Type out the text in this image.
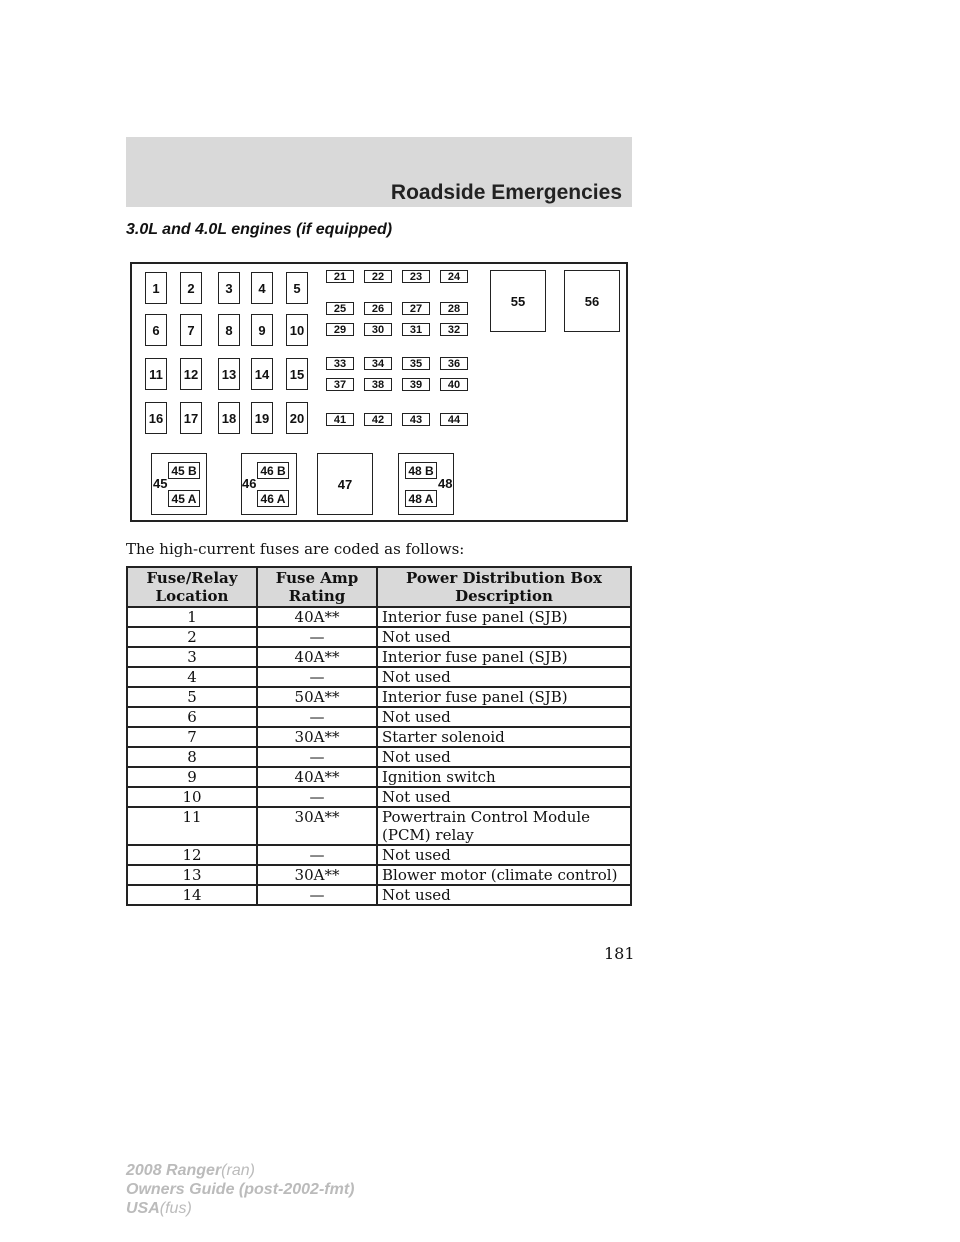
Roadside Emergencies
3.0L and 4.0L engines (if equipped)
1	2	3	4	5
6	7	8	9	10
11	12 13 14 15
16 17 18 19 20
21	22	23	24
25	26	27	28
29	30	31	32
33	34	35	36
37	38	39	40
41	42	43	44
55	56
45 B
45 A
45
46 B
46 A
46	47
48 B
48 A
48
The high-current fuses are coded as follows:
Fuse/Relay Location	Fuse Amp Rating	Power Distribution Box Description
1	40A**	Interior fuse panel (SJB)
2	—	Not used
3	40A**	Interior fuse panel (SJB)
4	—	Not used
5	50A**	Interior fuse panel (SJB)
6	—	Not used
7	30A**	Starter solenoid
8	—	Not used
9	40A**	Ignition switch
10	—	Not used
11	30A**	Powertrain Control Module (PCM) relay
12	—	Not used
13	30A**	Blower motor (climate control)
14	—	Not used
181
2008 Ranger(ran)
Owners Guide (post-2002-fmt)
USA(fus)
